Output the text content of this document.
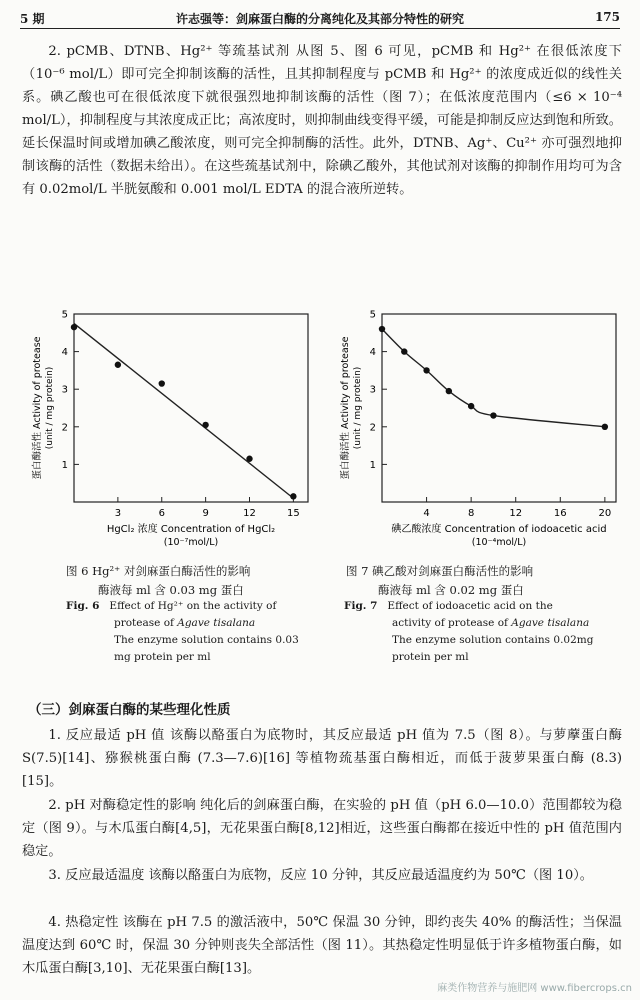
5 期	许志强等：剑麻蛋白酶的分离纯化及其部分特性的研究	175
2. pCMB、DTNB、Hg²⁺ 等巯基试剂 从图 5、图 6 可见，pCMB 和 Hg²⁺ 在很低浓度下（10⁻⁶ mol/L）即可完全抑制该酶的活性，且其抑制程度与 pCMB 和 Hg²⁺ 的浓度成近似的线性关系。碘乙酸也可在很低浓度下就很强烈地抑制该酶的活性（图 7）；在低浓度范围内（≤6 × 10⁻⁴ mol/L），抑制程度与其浓度成正比；高浓度时，则抑制曲线变得平缓，可能是抑制反应达到饱和所致。延长保温时间或增加碘乙酸浓度，则可完全抑制酶的活性。此外，DTNB、Ag⁺、Cu²⁺ 亦可强烈地抑制该酶的活性（数据未给出）。在这些巯基试剂中，除碘乙酸外，其他试剂对该酶的抑制作用均可为含有 0.02mol/L 半胱氨酸和 0.001 mol/L EDTA 的混合液所逆转。
3	6	9	12	15
1
2
3
4
5
HgCl₂ 浓度 Concentration of HgCl₂
(10⁻⁷mol/L)
蛋白酶活性 Activity of protease (unit / mg protein)
4	8	12	16	20
1
2
3
4
5
碘乙酸浓度 Concentration of iodoacetic acid
(10⁻⁴mol/L)
蛋白酶活性 Activity of protease (unit / mg protein)
图 6 Hg²⁺ 对剑麻蛋白酶活性的影响
酶液每 ml 含 0.03 mg 蛋白
Fig. 6 Effect of Hg²⁺ on the activity of
protease of Agave tisalana
The enzyme solution contains 0.03
mg protein per ml
图 7 碘乙酸对剑麻蛋白酶活性的影响
酶液每 ml 含 0.02 mg 蛋白
Fig. 7 Effect of iodoacetic acid on the
activity of protease of Agave tisalana
The enzyme solution contains 0.02mg
protein per ml
（三）剑麻蛋白酶的某些理化性质
1. 反应最适 pH 值 该酶以酪蛋白为底物时，其反应最适 pH 值为 7.5（图 8）。与萝藦蛋白酶 S(7.5)[14]、猕猴桃蛋白酶 (7.3—7.6)[16] 等植物巯基蛋白酶相近，而低于菠萝果蛋白酶 (8.3)[15]。
2. pH 对酶稳定性的影响 纯化后的剑麻蛋白酶，在实验的 pH 值（pH 6.0—10.0）范围都较为稳定（图 9）。与木瓜蛋白酶[4,5]，无花果蛋白酶[8,12]相近，这些蛋白酶都在接近中性的 pH 值范围内稳定。
3. 反应最适温度 该酶以酪蛋白为底物，反应 10 分钟，其反应最适温度约为 50℃（图 10）。
4. 热稳定性 该酶在 pH 7.5 的激活液中，50℃ 保温 30 分钟，即约丧失 40% 的酶活性；当保温温度达到 60℃ 时，保温 30 分钟则丧失全部活性（图 11）。其热稳定性明显低于许多植物蛋白酶，如木瓜蛋白酶[3,10]、无花果蛋白酶[13]。
麻类作物营养与施肥网 www.fibercrops.cn
